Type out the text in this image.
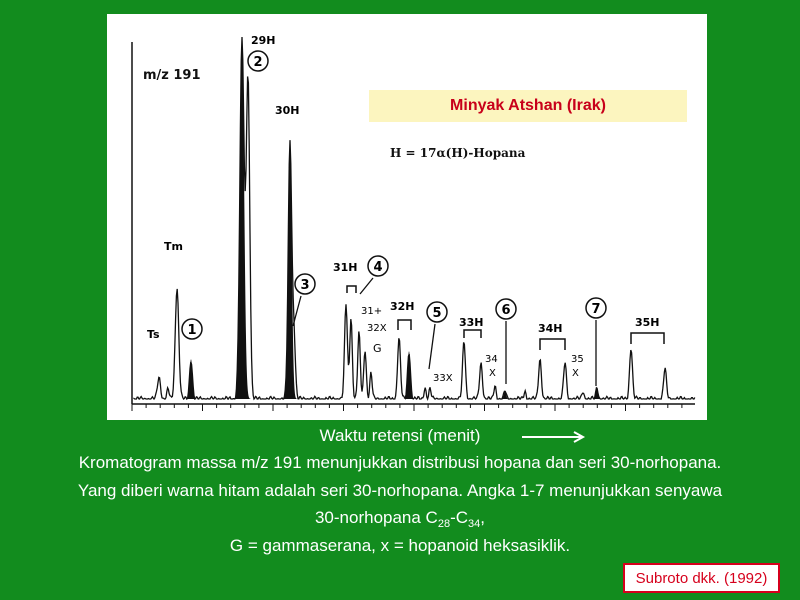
Ts
Tm
29H
30H
31H
31+
32X
G
32H
33X
33H
34
X
34H
35
X
35H
1
2
3
4
5	6	7
m/z 191
Minyak Atshan (Irak)
H = 17α(H)-Hopana
Waktu retensi (menit)
Kromatogram massa m/z 191 menunjukkan distribusi hopana dan seri 30-norhopana.
Yang diberi warna hitam adalah seri 30-norhopana. Angka 1-7 menunjukkan senyawa
30-norhopana $C_{28}-C_{34}$,
G = gammaserana, x = hopanoid heksasiklik.
Subroto dkk. (1992)
